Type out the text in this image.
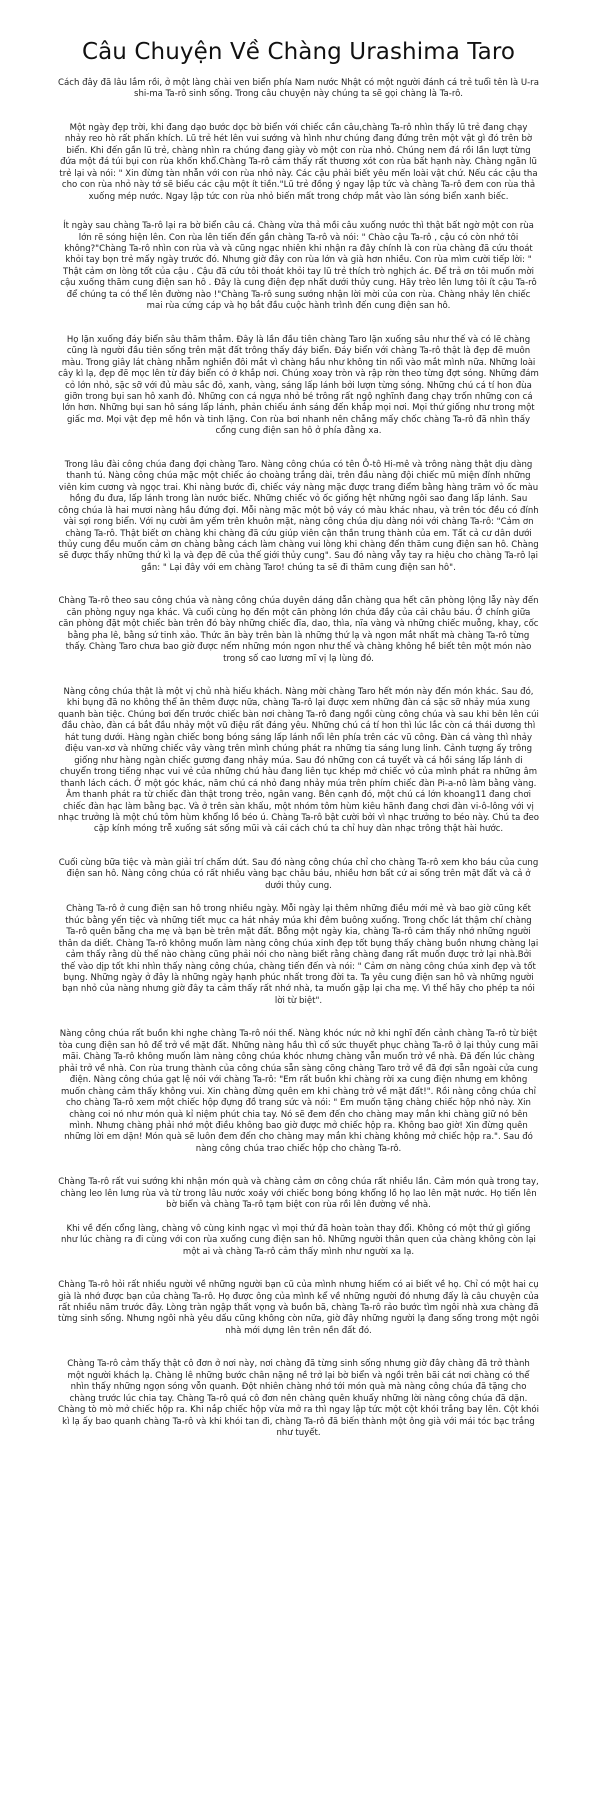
Câu Chuyện Về Chàng Urashima Taro

Cách đây đã lâu lắm rồi, ở một làng chài ven biển phía Nam nước Nhật có một người đánh cá trẻ tuổi tên là U-ra shi-ma Ta-rô sinh sống. Trong câu chuyện này chúng ta sẽ gọi chàng là Ta-rô.

Một ngày đẹp trời, khi đang dạo bước dọc bờ biển với chiếc cần câu,chàng Ta-rô nhìn thấy lũ trẻ đang chạy nhảy reo hò rất phấn khích. Lũ trẻ hét lên vui sướng và hình như chúng đang đứng trên một vật gì đó trên bờ biển. Khi đến gần lũ trẻ, chàng nhìn ra chúng đang giày vò một con rùa nhỏ. Chúng nem đá rồi lần lượt từng đứa một đá túi bụi con rùa khốn khổ.Chàng Ta-rô cảm thấy rất thương xót con rùa bất hạnh này. Chàng ngăn lũ trẻ lại và nói: " Xin đừng tàn nhẫn với con rùa nhỏ này. Các cậu phải biết yêu mến loài vật chứ. Nếu các cậu tha cho con rùa nhỏ này tớ sẽ biếu các cậu một ít tiền."Lũ trẻ đồng ý ngay lập tức và chàng Ta-rô đem con rùa thả xuống mép nước. Ngay lập tức con rùa nhỏ biến mất trong chớp mắt vào làn sóng biển xanh biếc.

Ít ngày sau chàng Ta-rô lại ra bờ biển câu cá. Chàng vừa thả mồi câu xuống nước thì thật bất ngờ một con rùa lớn rẽ sóng hiện lên. Con rùa lên tiến đến gần chàng Ta-rô và nói: " Chào cậu Ta-rô , cậu có còn nhớ tôi không?"Chàng Ta-rô nhìn con rùa và và cũng ngạc nhiên khi nhận ra đây chính là con rùa chàng đã cứu thoát khỏi tay bọn trẻ mấy ngày trước đó. Nhưng giờ đây con rùa lớn và già hơn nhiều. Con rùa mìm cười tiếp lời: " Thật cảm ơn lòng tốt của cậu . Cậu đã cứu tôi thoát khỏi tay lũ trẻ thích trò nghịch ác. Để trả ơn tôi muốn mời cậu xuống thăm cung điện san hô . Đây là cung điện đẹp nhất dưới thủy cung. Hãy trèo lên lưng tôi ít cậu Ta-rô để chúng ta có thể lên đường nào !"Chàng Ta-rô sung sướng nhận lời mời của con rùa. Chàng nhảy lên chiếc mai rùa cứng cáp và họ bắt đầu cuộc hành trình đến cung điện san hô.

Họ lặn xuống đáy biển sâu thăm thẳm. Đây là lần đầu tiên chàng Taro lặn xuống sâu như thế và có lẽ chàng cũng là người đầu tiên sống trên mặt đất trông thấy đáy biển. Đáy biển với chàng Ta-rô thật là đẹp đẽ muôn màu. Trong giây lát chàng nhẫm nghiền đôi mắt vì chàng hầu như không tin nổi vào mắt mình nữa. Những loài cây kì lạ, đẹp đẽ mọc lên từ đáy biển có ở khắp nơi. Chúng xoay tròn và rập rờn theo từng đợt sóng. Những đám cỏ lớn nhỏ, sặc sỡ với đủ màu sắc đỏ, xanh, vàng, sáng lấp lánh bởi lượn từng sóng. Những chú cá tí hon đùa giỡn trong bụi san hô xanh đỏ. Những con cá ngựa nhỏ bé trông rất ngộ nghĩnh đang chạy trốn những con cá lớn hơn. Những bụi san hô sáng lấp lánh, phản chiếu ánh sáng đến khắp mọi nơi. Mọi thứ giống như trong một giấc mơ. Mọi vật đẹp mê hồn và tinh lặng. Con rùa bơi nhanh nên chẳng mấy chốc chàng Ta-rô đã nhìn thấy cổng cung điện san hô ở phía đằng xa.

Trong lâu đài công chúa đang đợi chàng Taro. Nàng công chúa có tên Ô-tô Hi-mê và trông nàng thật dịu dàng thanh tú. Nàng công chúa mặc một chiếc áo choàng trắng dài, trên đầu nàng đội chiếc mũ miện đính những viên kim cương và ngọc trai. Khi nàng bước đi, chiếc váy nàng mặc được trang điểm bằng hàng trăm vỏ ốc màu hồng đu đưa, lấp lánh trong làn nước biếc. Những chiếc vỏ ốc giống hệt những ngôi sao đang lấp lánh. Sau công chúa là hai mươi nàng hầu đứng đợi. Mỗi nàng mặc một bộ váy có màu khác nhau, và trên tóc đều có đính vài sợi rong biển. Với nụ cười âm yếm trên khuôn mặt, nàng công chúa dịu dàng nói với chàng Ta-rô: "Cảm ơn chàng Ta-rô. Thật biết ơn chàng khi chàng đã cứu giúp viên cận thần trung thành của em. Tất cả cư dân dưới thủy cung đều muốn cảm ơn chàng bằng cách làm chàng vui lòng khi chàng đến thăm cung điện san hô. Chàng sẽ được thấy những thứ kì lạ và đẹp đẽ của thế giới thủy cung". Sau đó nàng vẫy tay ra hiệu cho chàng Ta-rô lại gần: " Lại đây với em chàng Taro! chúng ta sẽ đi thăm cung điện san hô".

Chàng Ta-rô theo sau công chúa và nàng công chúa duyên dáng dẫn chàng qua hết căn phòng lộng lẫy này đến căn phòng nguy nga khác. Và cuối cùng họ đến một căn phòng lớn chứa đầy của cải châu báu. Ở chính giữa căn phòng đặt một chiếc bàn trên đó bày những chiếc đĩa, dao, thìa, nĩa vàng và những chiếc muỗng, khay, cốc bằng pha lê, bằng sứ tinh xảo. Thức ăn bày trên bàn là những thứ lạ và ngon mắt nhất mà chàng Ta-rô từng thấy. Chàng Taro chưa bao giờ được nếm những món ngon như thế và chàng không hề biết tên một món nào trong số cao lương mĩ vị lạ lùng đó.

Nàng công chúa thật là một vị chủ nhà hiếu khách. Nàng mời chàng Taro hết món này đến món khác. Sau đó, khi bụng đã no không thể ăn thêm được nữa, chàng Ta-rô lại được xem những đàn cá sặc sỡ nhảy múa xung quanh bàn tiệc. Chúng bơi đến trước chiếc bàn nơi chàng Ta-rô đang ngồi cùng công chúa và sau khi bên lên cúi đầu chào, đàn cá bắt đầu nhảy một vũ điệu rất đáng yêu. Những chú cá tí hon thì lúc lắc còn cá thái dương thì hát tung dưới. Hàng ngàn chiếc bong bóng sáng lấp lánh nổi lên phía trên các vũ công. Đàn cá vàng thì nhảy điệu van-xơ và những chiếc vây vàng trên mình chúng phát ra những tia sáng lung linh. Cảnh tượng ấy trông giống như hàng ngàn chiếc gương đang nhảy múa. Sau đó những con cá tuyết và cá hồi sáng lấp lánh di chuyển trong tiếng nhạc vui vẻ của những chú hàu đang liên tục khép mở chiếc vỏ của mình phát ra những âm thanh lách cách. Ở một góc khác, năm chú cá nhỏ đang nhảy múa trên phím chiếc đàn Pi-a-nô làm bằng vàng. Âm thanh phát ra từ chiếc đàn thật trong trẻo, ngân vang. Bên cạnh đó, một chú cá lớn khoang11 đang chơi chiếc đàn hạc làm bằng bạc. Và ở trên sàn khấu, một nhóm tôm hùm kiêu hãnh đang chơi đàn vi-ô-lông với vị nhạc trưởng là một chú tôm hùm khổng lồ béo ú. Chàng Ta-rô bật cười bởi vì nhạc trưởng to béo này. Chú ta đeo cặp kính móng trễ xuống sát sống mũi và cái cách chú ta chỉ huy dàn nhạc trông thật hài hước.

Cuối cùng bữa tiệc và màn giải trí chấm dứt. Sau đó nàng công chúa chỉ cho chàng Ta-rô xem kho báu của cung điện san hô. Nàng công chúa có rất nhiều vàng bạc châu báu, nhiều hơn bất cứ ai sống trên mặt đất và cả ở dưới thủy cung.

Chàng Ta-rô ở cung điện san hô trong nhiều ngày. Mỗi ngày lại thêm những điều mới mẻ và bao giờ cũng kết thúc bằng yến tiệc và những tiết mục ca hát nhảy múa khi đêm buông xuống. Trong chốc lát thậm chí chàng Ta-rô quên bẵng cha mẹ và bạn bè trên mặt đất. Bỗng một ngày kia, chàng Ta-rô cảm thấy nhớ những người thân da diết. Chàng Ta-rô không muốn làm nàng công chúa xinh đẹp tốt bụng thấy chàng buồn nhưng chàng lại cảm thấy rằng dù thế nào chàng cũng phải nói cho nàng biết rằng chàng đang rất muốn được trở lại nhà.Bởi thế vào dịp tốt khi nhìn thấy nàng công chúa, chàng tiến đến và nói: " Cảm ơn nàng công chúa xinh đẹp và tốt bụng. Những ngày ở đây là những ngày hạnh phúc nhất trong đời ta. Ta yêu cung điện san hô và những người bạn nhỏ của nàng nhưng giờ đây ta cảm thấy rất nhớ nhà, ta muốn gặp lại cha mẹ. Vì thế hãy cho phép ta nói lời từ biệt".

Nàng công chúa rất buồn khi nghe chàng Ta-rô nói thế. Nàng khóc nức nở khi nghĩ đến cảnh chàng Ta-rô từ biệt tòa cung điện san hô để trở về mặt đất. Những nàng hầu thì cố sức thuyết phục chàng Ta-rô ở lại thủy cung mãi mãi. Chàng Ta-rô không muốn làm nàng công chúa khóc nhưng chàng vẫn muốn trở về nhà. Đã đến lúc chàng phải trở về nhà. Con rùa trung thành của công chúa sẵn sàng cõng chàng Taro trở về đã đợi sẵn ngoài cửa cung điện. Nàng công chúa gạt lệ nói với chàng Ta-rô: "Em rất buồn khi chàng rời xa cung điện nhưng em không muốn chàng cảm thấy không vui. Xin chàng đừng quên em khi chàng trở về mặt đất!". Rồi nàng công chúa chỉ cho chàng Ta-rô xem một chiếc hộp đựng đồ trang sức và nói: " Em muốn tặng chàng chiếc hộp nhỏ này. Xin chàng coi nó như món quà kỉ niệm phút chia tay. Nó sẽ đem đến cho chàng may mắn khi chàng giữ nó bên mình. Nhưng chàng phải nhớ một điều không bao giờ được mở chiếc hộp ra. Không bao giờ! Xin đừng quên những lời em dặn! Món quà sẽ luôn đem đến cho chàng may mắn khi chàng không mở chiếc hộp ra.". Sau đó nàng công chúa trao chiếc hộp cho chàng Ta-rô.

Chàng Ta-rô rất vui sướng khi nhận món quà và chàng cảm ơn công chúa rất nhiều lần. Cảm món quà trong tay, chàng leo lên lưng rùa và từ trong lâu nước xoáy với chiếc bong bóng khổng lồ họ lao lên mặt nước. Họ tiến lên bờ biển và chàng Ta-rô tạm biệt con rùa rồi lên đường về nhà.

Khi về đến cổng làng, chàng vô cùng kinh ngạc vì mọi thứ đã hoàn toàn thay đổi. Không có một thứ gì giống như lúc chàng ra đi cùng với con rùa xuống cung điện san hô. Những người thân quen của chàng không còn lại một ai và chàng Ta-rô cảm thấy mình như người xa lạ.

Chàng Ta-rô hỏi rất nhiều người về những người bạn cũ của mình nhưng hiếm có ai biết về họ. Chỉ có một hai cụ già là nhớ được bạn của chàng Ta-rô. Họ được ông của mình kể về những người đó nhưng đấy là câu chuyện của rất nhiều năm trước đây. Lòng tràn ngập thất vọng và buồn bã, chàng Ta-rô rảo bước tìm ngôi nhà xưa chàng đã từng sinh sống. Nhưng ngôi nhà yêu dấu cũng không còn nữa, giờ đây những người lạ đang sống trong một ngôi nhà mới dựng lên trên nền đất đó.

Chàng Ta-rô cảm thấy thật cô đơn ở nơi này, nơi chàng đã từng sinh sống nhưng giờ đây chàng đã trở thành một người khách lạ. Chàng lê những bước chân nặng nề trở lại bờ biển và ngồi trên bãi cát nơi chàng có thể nhìn thấy những ngọn sóng vỗn quanh. Đột nhiên chàng nhớ tới món quà mà nàng công chúa đã tặng cho chàng trước lúc chia tay. Chàng Ta-rô quá cô đơn nên chàng quên khuấy những lời nàng công chúa đã dặn. Chàng tò mò mở chiếc hộp ra. Khi nắp chiếc hộp vừa mở ra thì ngay lập tức một cột khói trắng bay lên. Cột khói kì lạ ấy bao quanh chàng Ta-rô và khi khói tan đi, chàng Ta-rô đã biến thành một ông già với mái tóc bạc trắng như tuyết.
